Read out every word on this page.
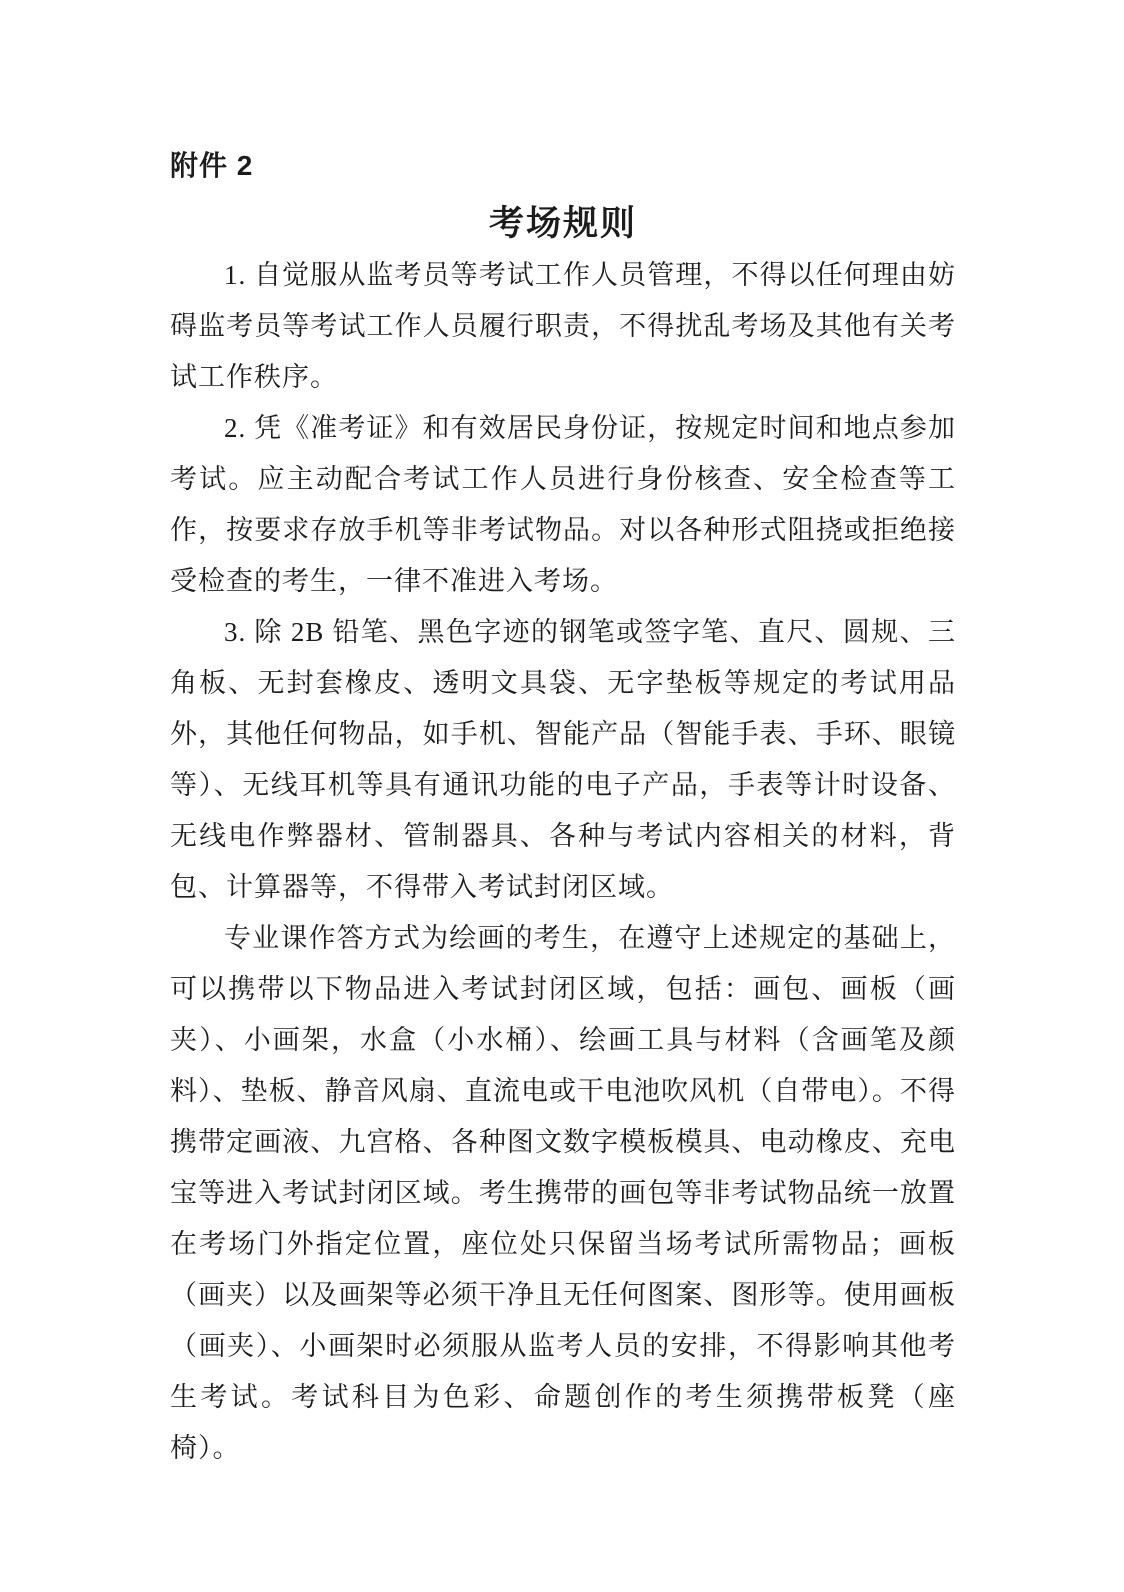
附件 2
考场规则

1. 自觉服从监考员等考试工作人员管理，不得以任何理由妨碍监考员等考试工作人员履行职责，不得扰乱考场及其他有关考试工作秩序。

2. 凭《准考证》和有效居民身份证，按规定时间和地点参加考试。应主动配合考试工作人员进行身份核查、安全检查等工作，按要求存放手机等非考试物品。对以各种形式阻挠或拒绝接受检查的考生，一律不准进入考场。

3. 除 2B 铅笔、黑色字迹的钢笔或签字笔、直尺、圆规、三角板、无封套橡皮、透明文具袋、无字垫板等规定的考试用品外，其他任何物品，如手机、智能产品（智能手表、手环、眼镜等）、无线耳机等具有通讯功能的电子产品，手表等计时设备、无线电作弊器材、管制器具、各种与考试内容相关的材料，背包、计算器等，不得带入考试封闭区域。

专业课作答方式为绘画的考生，在遵守上述规定的基础上，可以携带以下物品进入考试封闭区域，包括：画包、画板（画夹）、小画架，水盒（小水桶）、绘画工具与材料（含画笔及颜料）、垫板、静音风扇、直流电或干电池吹风机（自带电）。不得携带定画液、九宫格、各种图文数字模板模具、电动橡皮、充电宝等进入考试封闭区域。考生携带的画包等非考试物品统一放置在考场门外指定位置，座位处只保留当场考试所需物品；画板（画夹）以及画架等必须干净且无任何图案、图形等。使用画板（画夹）、小画架时必须服从监考人员的安排，不得影响其他考生考试。考试科目为色彩、命题创作的考生须携带板凳（座椅）。
